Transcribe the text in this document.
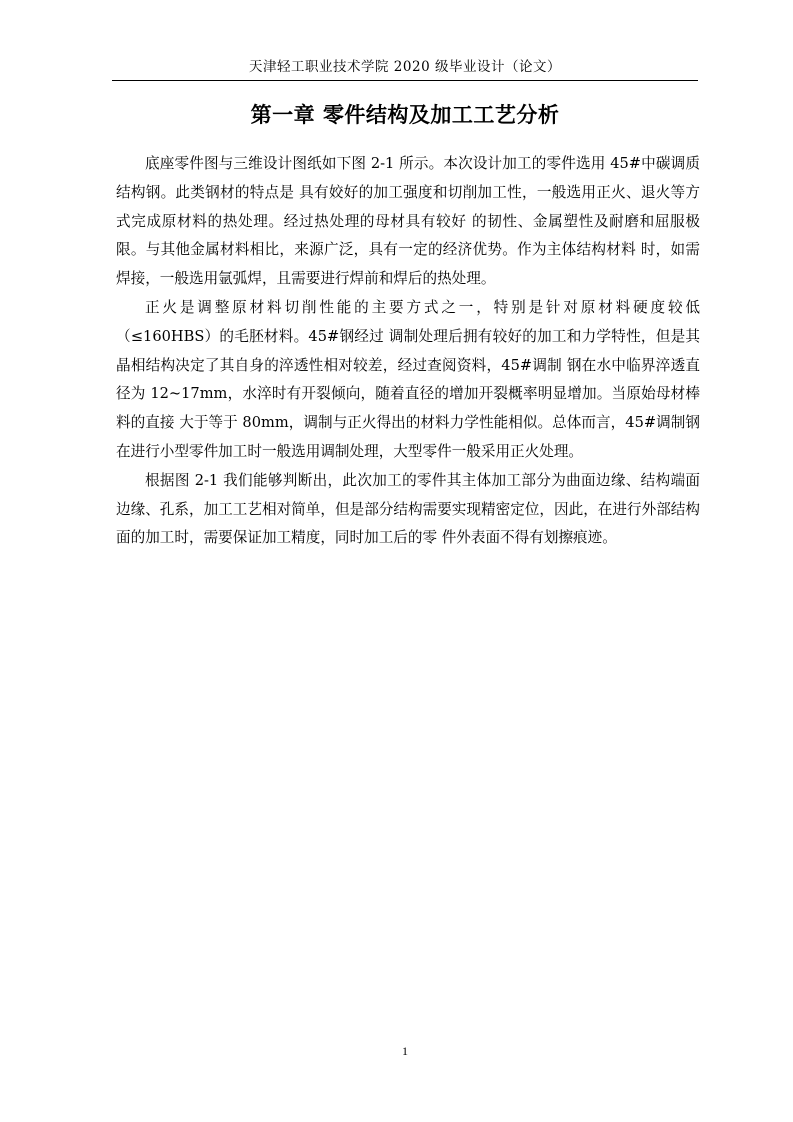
天津轻工职业技术学院 2020 级毕业设计（论文）
第一章 零件结构及加工工艺分析

底座零件图与三维设计图纸如下图 2-1 所示。本次设计加工的零件选用 45#中碳调质结构钢。此类钢材的特点是 具有姣好的加工强度和切削加工性，一般选用正火、退火等方式完成原材料的热处理。经过热处理的母材具有较好 的韧性、金属塑性及耐磨和屈服极限。与其他金属材料相比，来源广泛，具有一定的经济优势。作为主体结构材料 时，如需焊接，一般选用氩弧焊，且需要进行焊前和焊后的热处理。

正火是调整原材料切削性能的主要方式之一，特别是针对原材料硬度较低（≤160HBS）的毛胚材料。45#钢经过 调制处理后拥有较好的加工和力学特性，但是其晶相结构决定了其自身的淬透性相对较差，经过查阅资料，45#调制 钢在水中临界淬透直径为 12~17mm，水淬时有开裂倾向，随着直径的增加开裂概率明显增加。当原始母材棒料的直接 大于等于 80mm，调制与正火得出的材料力学性能相似。总体而言，45#调制钢在进行小型零件加工时一般选用调制处理，大型零件一般采用正火处理。

根据图 2-1 我们能够判断出，此次加工的零件其主体加工部分为曲面边缘、结构端面边缘、孔系，加工工艺相对简单，但是部分结构需要实现精密定位，因此，在进行外部结构面的加工时，需要保证加工精度，同时加工后的零 件外表面不得有划擦痕迹。

1
